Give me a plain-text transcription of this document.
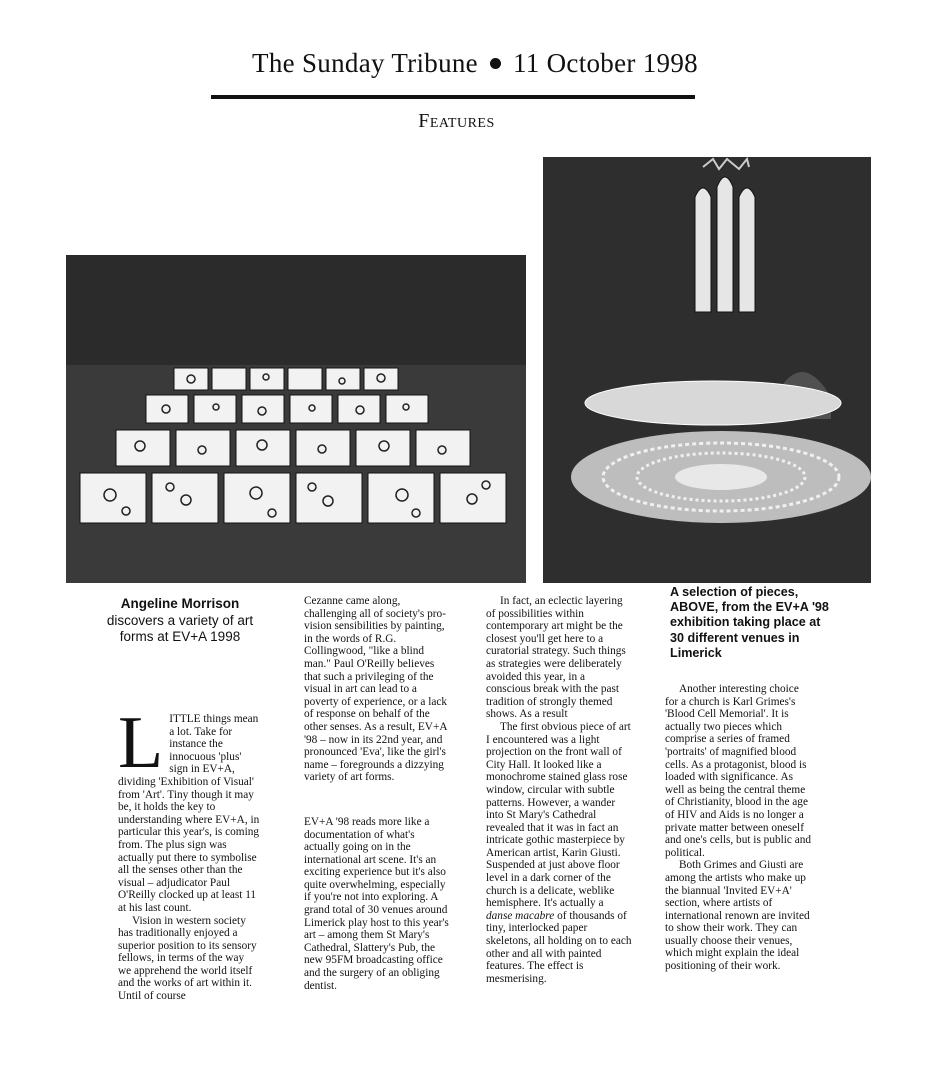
The Sunday Tribune 11 October 1998
Features
Angeline Morrison
discovers a variety of art forms at EV+A 1998
A selection of pieces, ABOVE, from the EV+A '98 exhibition taking place at 30 different venues in Limerick

LITTLE things mean a lot. Take for instance the innocuous 'plus' sign in EV+A, dividing 'Exhibition of Visual' from 'Art'. Tiny though it may be, it holds the key to understanding where EV+A, in particular this year's, is coming from. The plus sign was actually put there to symbolise all the senses other than the visual – adjudicator Paul O'Reilly clocked up at least 11 at his last count.

Vision in western society has traditionally enjoyed a superior position to its sensory fellows, in terms of the way we apprehend the world itself and the works of art within it. Until of course

Cezanne came along, challenging all of society's pro-vision sensibilities by painting, in the words of R.G. Collingwood, "like a blind man." Paul O'Reilly believes that such a privileging of the visual in art can lead to a poverty of experience, or a lack of response on behalf of the other senses. As a result, EV+A '98 – now in its 22nd year, and pronounced 'Eva', like the girl's name – foregrounds a dizzying variety of art forms.

EV+A '98 reads more like a documentation of what's actually going on in the international art scene. It's an exciting experience but it's also quite overwhelming, especially if you're not into exploring. A grand total of 30 venues around Limerick play host to this year's art – among them St Mary's Cathedral, Slattery's Pub, the new 95FM broadcasting office and the surgery of an obliging dentist.

In fact, an eclectic layering of possibilities within contemporary art might be the closest you'll get here to a curatorial strategy. Such things as strategies were deliberately avoided this year, in a conscious break with the past tradition of strongly themed shows. As a result

The first obvious piece of art I encountered was a light projection on the front wall of City Hall. It looked like a monochrome stained glass rose window, circular with subtle patterns. However, a wander into St Mary's Cathedral revealed that it was in fact an intricate gothic masterpiece by American artist, Karin Giusti. Suspended at just above floor level in a dark corner of the church is a delicate, weblike hemisphere. It's actually a danse macabre of thousands of tiny, interlocked paper skeletons, all holding on to each other and all with painted features. The effect is mesmerising.

Another interesting choice for a church is Karl Grimes's 'Blood Cell Memorial'. It is actually two pieces which comprise a series of framed 'portraits' of magnified blood cells. As a protagonist, blood is loaded with significance. As well as being the central theme of Christianity, blood in the age of HIV and Aids is no longer a private matter between oneself and one's cells, but is public and political.

Both Grimes and Giusti are among the artists who make up the biannual 'Invited EV+A' section, where artists of international renown are invited to show their work. They can usually choose their venues, which might explain the ideal positioning of their work.
